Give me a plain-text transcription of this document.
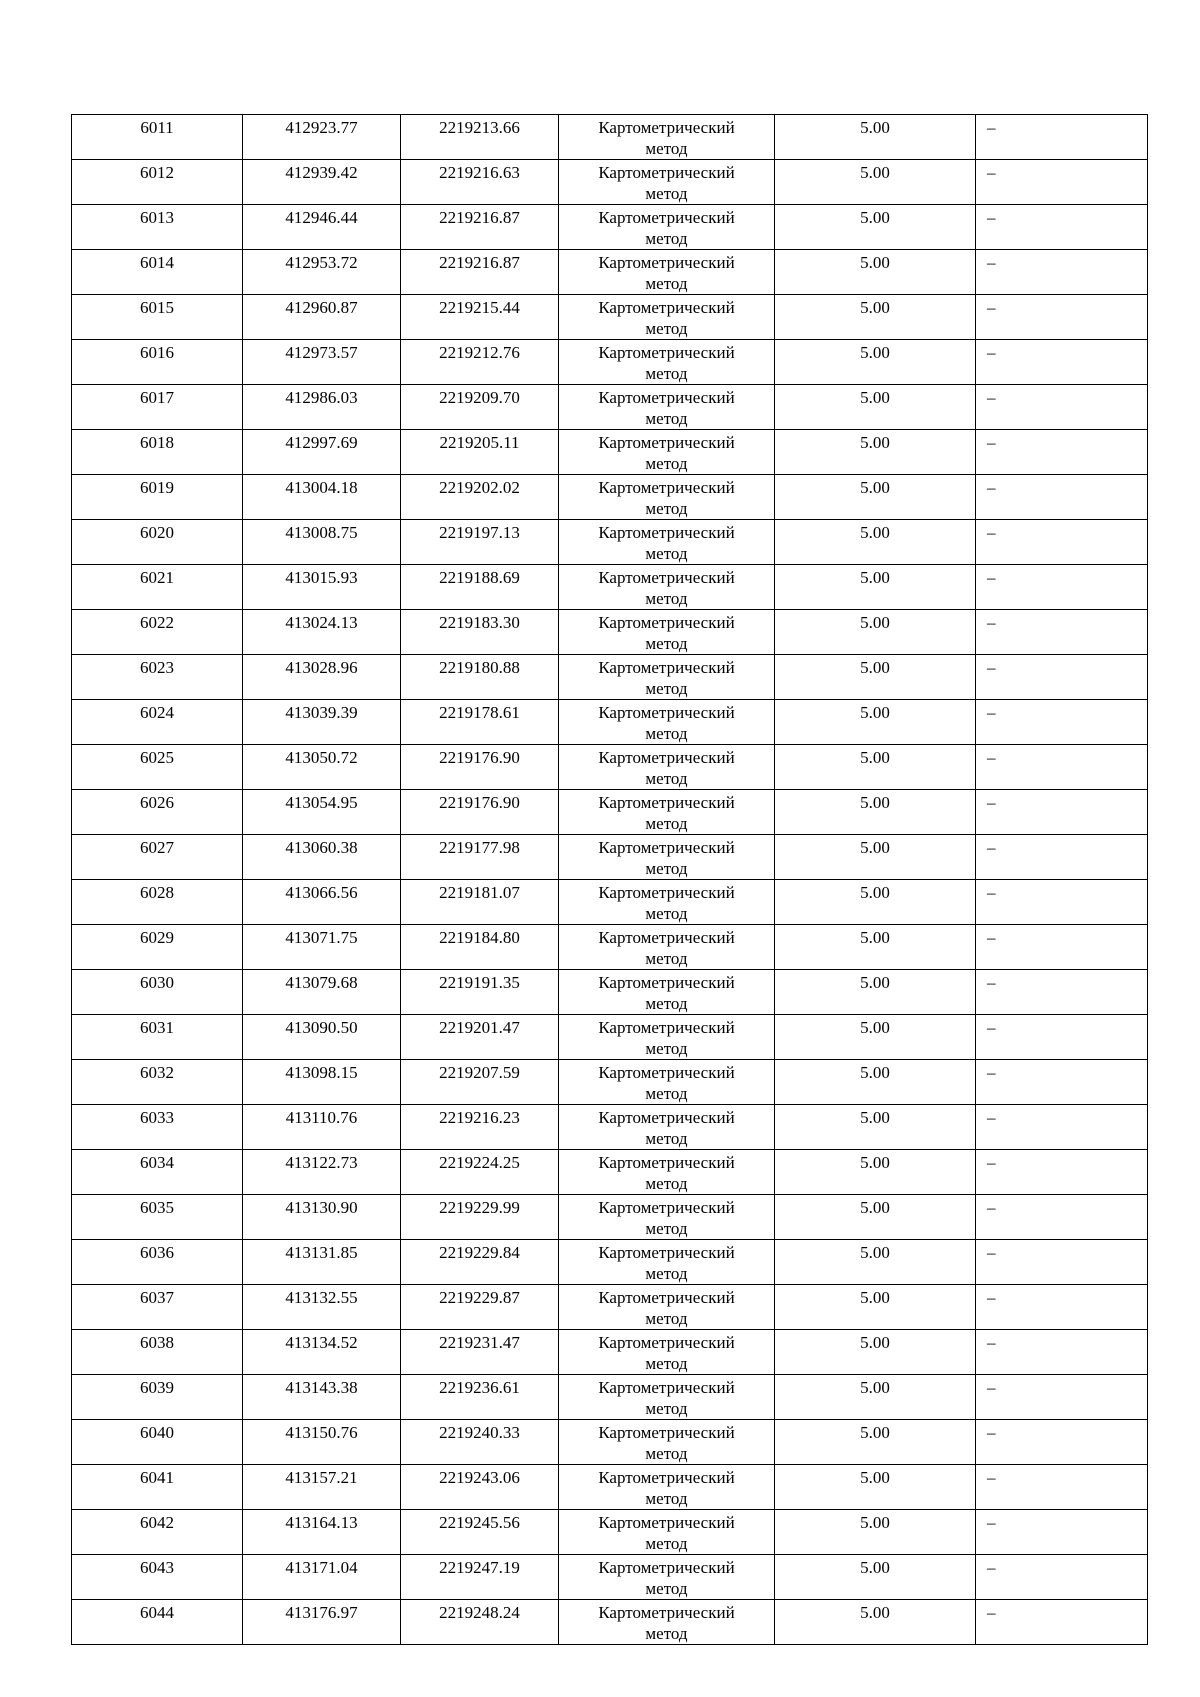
6011	412923.77	2219213.66	Картометрический
метод	5.00	–
6012	412939.42	2219216.63	Картометрический
метод	5.00	–
6013	412946.44	2219216.87	Картометрический
метод	5.00	–
6014	412953.72	2219216.87	Картометрический
метод	5.00	–
6015	412960.87	2219215.44	Картометрический
метод	5.00	–
6016	412973.57	2219212.76	Картометрический
метод	5.00	–
6017	412986.03	2219209.70	Картометрический
метод	5.00	–
6018	412997.69	2219205.11	Картометрический
метод	5.00	–
6019	413004.18	2219202.02	Картометрический
метод	5.00	–
6020	413008.75	2219197.13	Картометрический
метод	5.00	–
6021	413015.93	2219188.69	Картометрический
метод	5.00	–
6022	413024.13	2219183.30	Картометрический
метод	5.00	–
6023	413028.96	2219180.88	Картометрический
метод	5.00	–
6024	413039.39	2219178.61	Картометрический
метод	5.00	–
6025	413050.72	2219176.90	Картометрический
метод	5.00	–
6026	413054.95	2219176.90	Картометрический
метод	5.00	–
6027	413060.38	2219177.98	Картометрический
метод	5.00	–
6028	413066.56	2219181.07	Картометрический
метод	5.00	–
6029	413071.75	2219184.80	Картометрический
метод	5.00	–
6030	413079.68	2219191.35	Картометрический
метод	5.00	–
6031	413090.50	2219201.47	Картометрический
метод	5.00	–
6032	413098.15	2219207.59	Картометрический
метод	5.00	–
6033	413110.76	2219216.23	Картометрический
метод	5.00	–
6034	413122.73	2219224.25	Картометрический
метод	5.00	–
6035	413130.90	2219229.99	Картометрический
метод	5.00	–
6036	413131.85	2219229.84	Картометрический
метод	5.00	–
6037	413132.55	2219229.87	Картометрический
метод	5.00	–
6038	413134.52	2219231.47	Картометрический
метод	5.00	–
6039	413143.38	2219236.61	Картометрический
метод	5.00	–
6040	413150.76	2219240.33	Картометрический
метод	5.00	–
6041	413157.21	2219243.06	Картометрический
метод	5.00	–
6042	413164.13	2219245.56	Картометрический
метод	5.00	–
6043	413171.04	2219247.19	Картометрический
метод	5.00	–
6044	413176.97	2219248.24	Картометрический
метод	5.00	–
